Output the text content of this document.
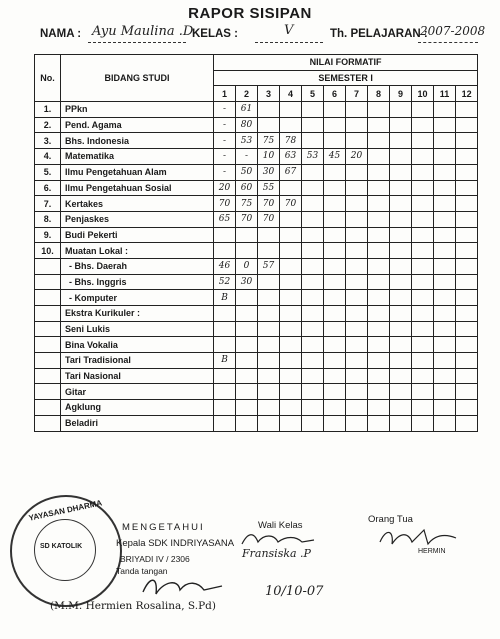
RAPOR SISIPAN
NAMA : Ayu Maulina .D
KELAS :	V	Th. PELAJARAN :
2007-2008
No.	BIDANG STUDI	NILAI FORMATIF											
		SEMESTER I											
		1	2	3	4	5	6	7	8	9	10	11	12
1.	PPkn	-	61										
2.	Pend. Agama	-	80										
3.	Bhs. Indonesia	-	53	75	78								
4.	Matematika	-	-	10	63	53	45	20					
5.	Ilmu Pengetahuan Alam	-	50	30	67								
6.	Ilmu Pengetahuan Sosial	20	60	55									
7.	Kertakes	70	75	70	70								
8.	Penjaskes	65	70	70									
9.	Budi Pekerti												
10.	Muatan Lokal :												
	- Bhs. Daerah	46	0	57									
	- Bhs. Inggris	52	30										
	- Komputer	B											
	Ekstra Kurikuler :												
	Seni Lukis												
	Bina Vokalia												
	Tari Tradisional	B											
	Tari Nasional												
	Gitar												
	Agklung												
	Beladiri												
YAYASAN DHARMA
SD KATOLIK
MENGETAHUI
Kepala SDK INDRIYASANA
BRIYADI IV / 2306
Tanda tangan
(M.M. Hermien Rosalina, S.Pd)
Wali Kelas
Fransiska .P
Orang Tua
HERMIN
10/10-07
